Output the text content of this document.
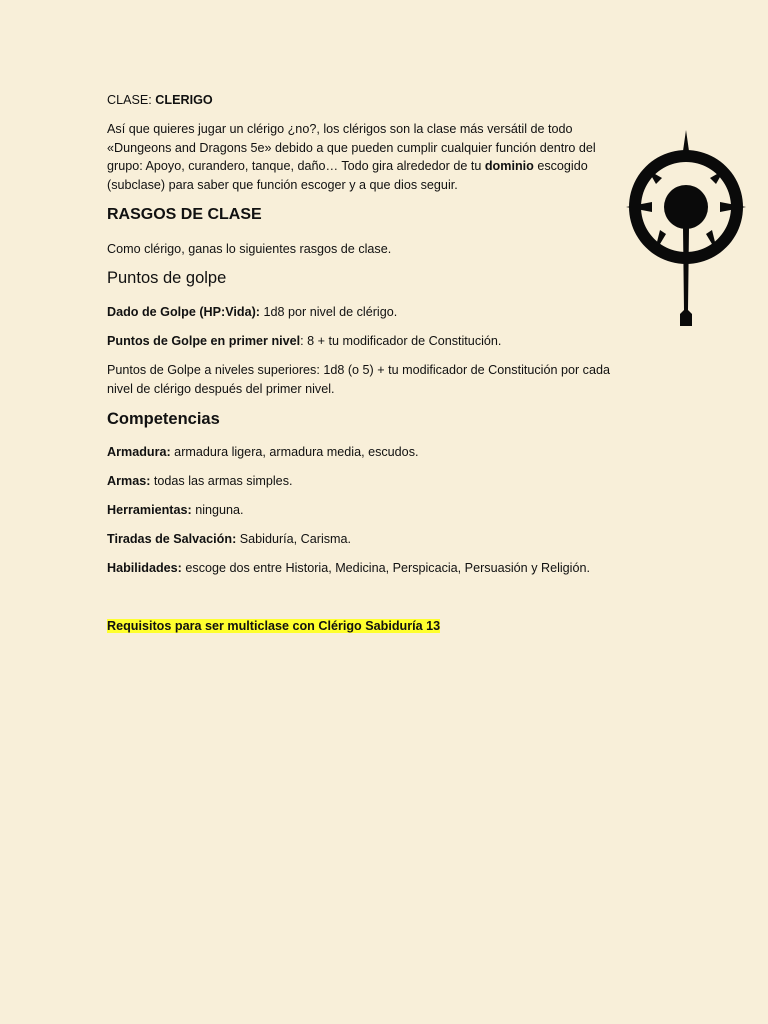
CLASE: CLERIGO
Así que quieres jugar un clérigo ¿no?, los clérigos son la clase más versátil de todo
«Dungeons and Dragons 5e» debido a que pueden cumplir cualquier función dentro del
grupo: Apoyo, curandero, tanque, daño… Todo gira alrededor de tu dominio escogido
(subclase) para saber que función escoger y a que dios seguir.
RASGOS DE CLASE
Como clérigo, ganas lo siguientes rasgos de clase.
Puntos de golpe
Dado de Golpe (HP:Vida): 1d8 por nivel de clérigo.
Puntos de Golpe en primer nivel: 8 + tu modificador de Constitución.
Puntos de Golpe a niveles superiores: 1d8 (o 5) + tu modificador de Constitución por cada
nivel de clérigo después del primer nivel.
Competencias
Armadura: armadura ligera, armadura media, escudos.
Armas: todas las armas simples.
Herramientas: ninguna.
Tiradas de Salvación: Sabiduría, Carisma.
Habilidades: escoge dos entre Historia, Medicina, Perspicacia, Persuasión y Religión.
Requisitos para ser multiclase con Clérigo Sabiduría 13
